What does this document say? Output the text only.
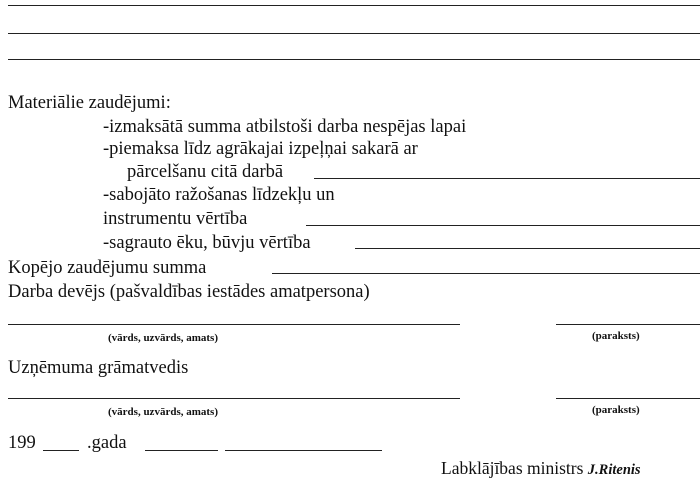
Materiālie zaudējumi:
-izmaksātā summa atbilstoši darba nespējas lapai
-piemaksa līdz agrākajai izpeļņai sakarā ar
pārcelšanu citā darbā
-sabojāto ražošanas līdzekļu un
instrumentu vērtība
-sagrauto ēku, būvju vērtība
Kopējo zaudējumu summa
Darba devējs (pašvaldības iestādes amatpersona)
(vārds, uzvārds, amats)	(paraksts)
Uzņēmuma grāmatvedis
(vārds, uzvārds, amats)	(paraksts)
199	.gada
Labklājības ministrs J.Ritenis
